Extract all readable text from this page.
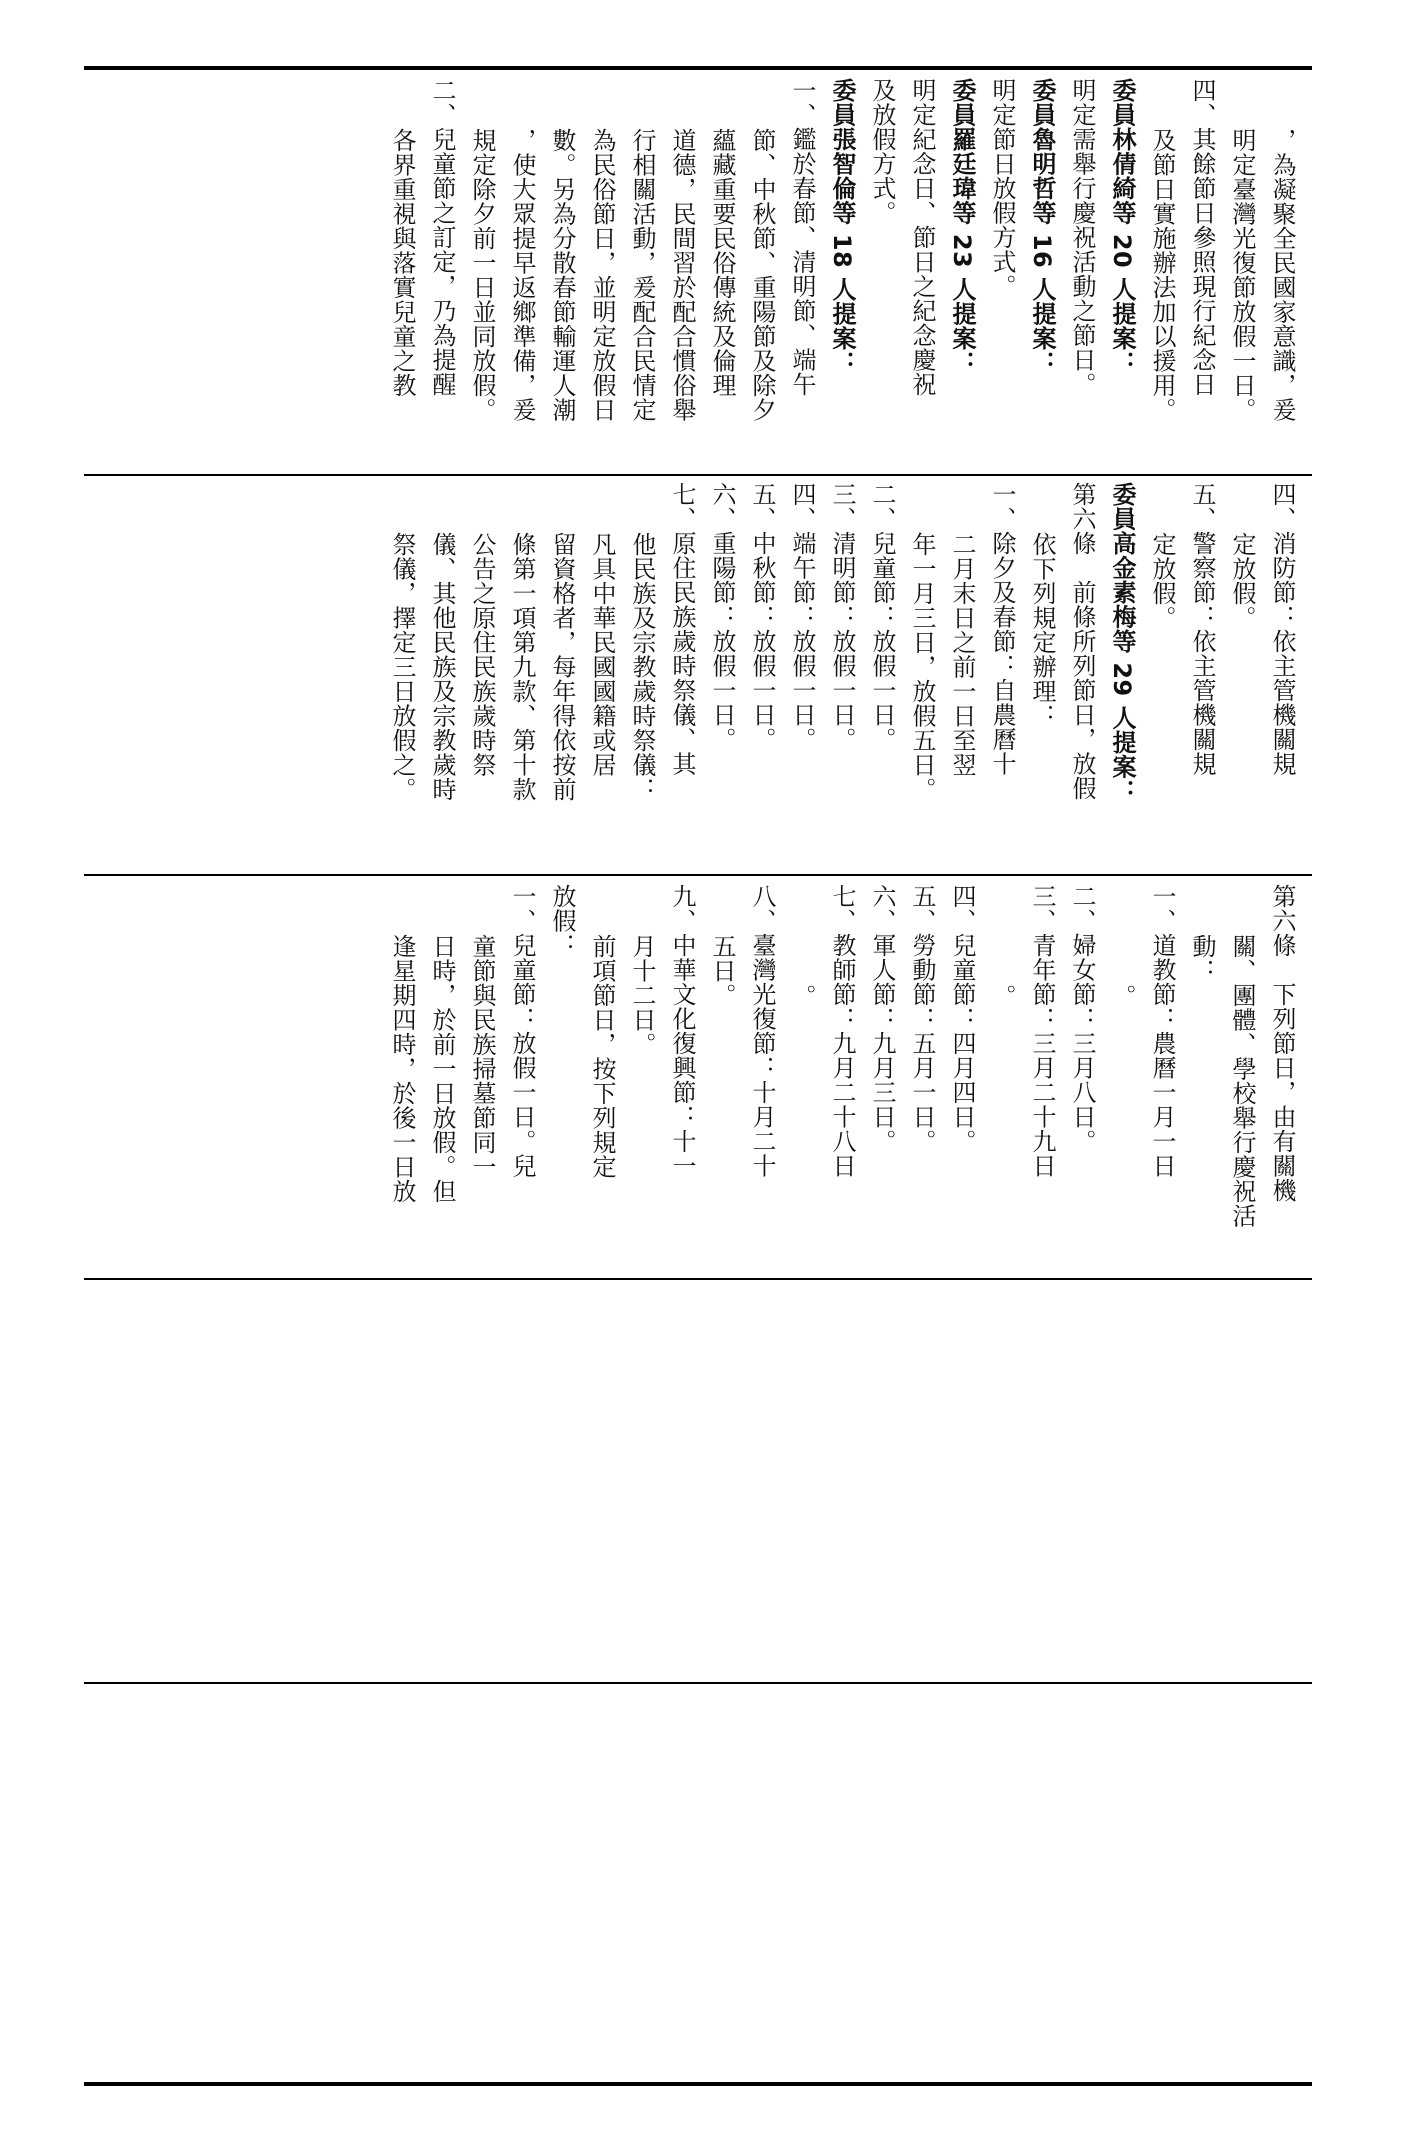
，為凝聚全民國家意識，爰
明定臺灣光復節放假一日。
四、其餘節日參照現行紀念日
及節日實施辦法加以援用。
委員林倩綺等 20 人提案：
明定需舉行慶祝活動之節日。
委員魯明哲等 16 人提案：
明定節日放假方式。
委員羅廷瑋等 23 人提案：
明定紀念日、節日之紀念慶祝
及放假方式。
委員張智倫等 18 人提案：
一、鑑於春節、清明節、端午
節、中秋節、重陽節及除夕
蘊藏重要民俗傳統及倫理
道德，民間習於配合慣俗舉
行相關活動，爰配合民情定
為民俗節日，並明定放假日
數。另為分散春節輸運人潮
，使大眾提早返鄉準備，爰
規定除夕前一日並同放假。
二、兒童節之訂定，乃為提醒
各界重視與落實兒童之教
四、消防節：依主管機關規
定放假。
五、警察節：依主管機關規
定放假。
委員高金素梅等 29 人提案：
第六條　前條所列節日，放假
依下列規定辦理：
一、除夕及春節：自農曆十
二月末日之前一日至翌
年一月三日，放假五日。
二、兒童節：放假一日。
三、清明節：放假一日。
四、端午節：放假一日。
五、中秋節：放假一日。
六、重陽節：放假一日。
七、原住民族歲時祭儀、其
他民族及宗教歲時祭儀：
凡具中華民國國籍或居
留資格者，每年得依按前
條第一項第九款、第十款
公告之原住民族歲時祭
儀、其他民族及宗教歲時
祭儀，擇定三日放假之。
第六條　下列節日，由有關機
關、團體、學校舉行慶祝活
動：
一、道教節：農曆一月一日
。
二、婦女節：三月八日。
三、青年節：三月二十九日
。
四、兒童節：四月四日。
五、勞動節：五月一日。
六、軍人節：九月三日。
七、教師節：九月二十八日
。
八、臺灣光復節：十月二十
五日。
九、中華文化復興節：十一
月十二日。
前項節日，按下列規定
放假：
一、兒童節：放假一日。兒
童節與民族掃墓節同一
日時，於前一日放假。但
逢星期四時，於後一日放
